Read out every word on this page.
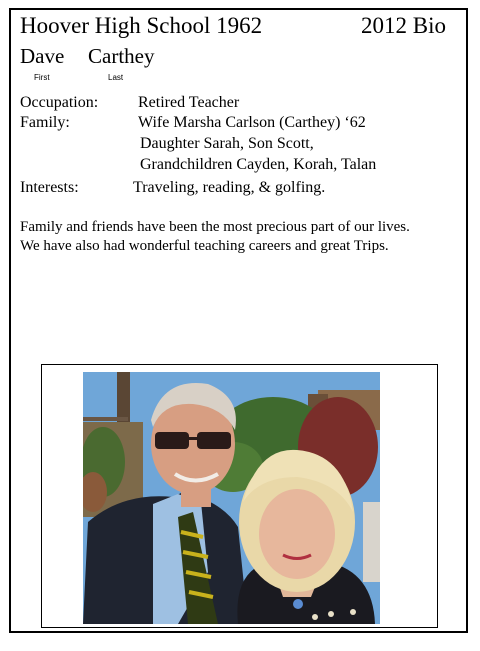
Hoover High School 1962	2012 Bio
Dave Carthey
First	Last
Occupation: Retired Teacher
Family:	Wife Marsha Carlson (Carthey) ‘62
Daughter Sarah, Son Scott,
Grandchildren Cayden, Korah, Talan
Interests:	Traveling, reading, & golfing.
Family and friends have been the most precious part of our lives.
We have also had wonderful teaching careers and great Trips.
